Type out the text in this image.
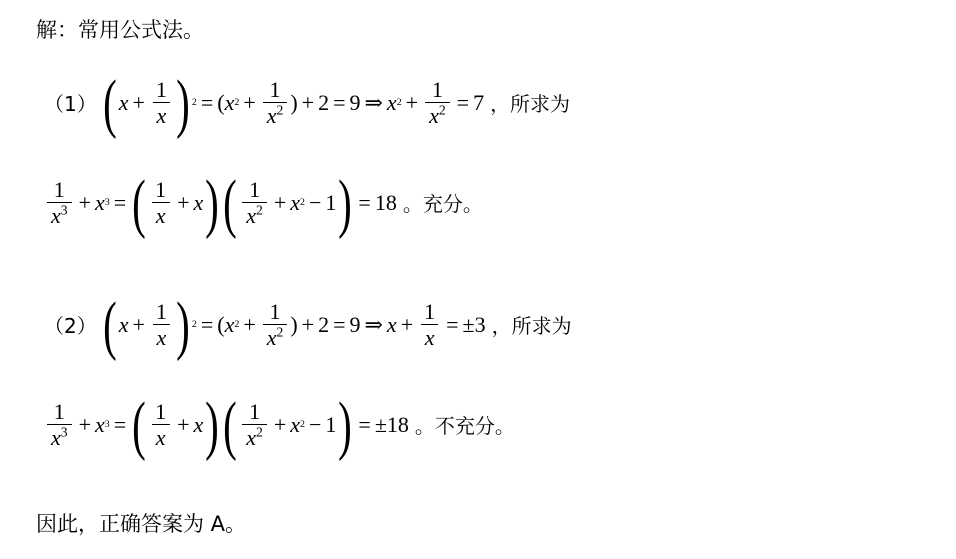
解：常用公式法。
（1） ( $x + \frac{1}{x}$ ) 2 = ( x $2 + \frac{1}{x^2}$ ) + 2 = 9 ⇒ x $2 + \frac{1}{x^2} = 7$ ，所求为
$\frac{1}{x^3} + x$ 3 = ( $\frac{1}{x} + x$ ) ( $\frac{1}{x^2} + x$ 2 − 1 ) = 18 。充分。
（2） ( $x + \frac{1}{x}$ ) 2 = ( x $2 + \frac{1}{x^2}$ ) + 2 = 9 ⇒ $x + \frac{1}{x}$ = ± 3 ，所求为
$\frac{1}{x^3} + x$ 3 = ( $\frac{1}{x} + x$ ) ( $\frac{1}{x^2} + x$ 2 − 1 ) = ± 18 。不充分。
因此，正确答案为 A。
